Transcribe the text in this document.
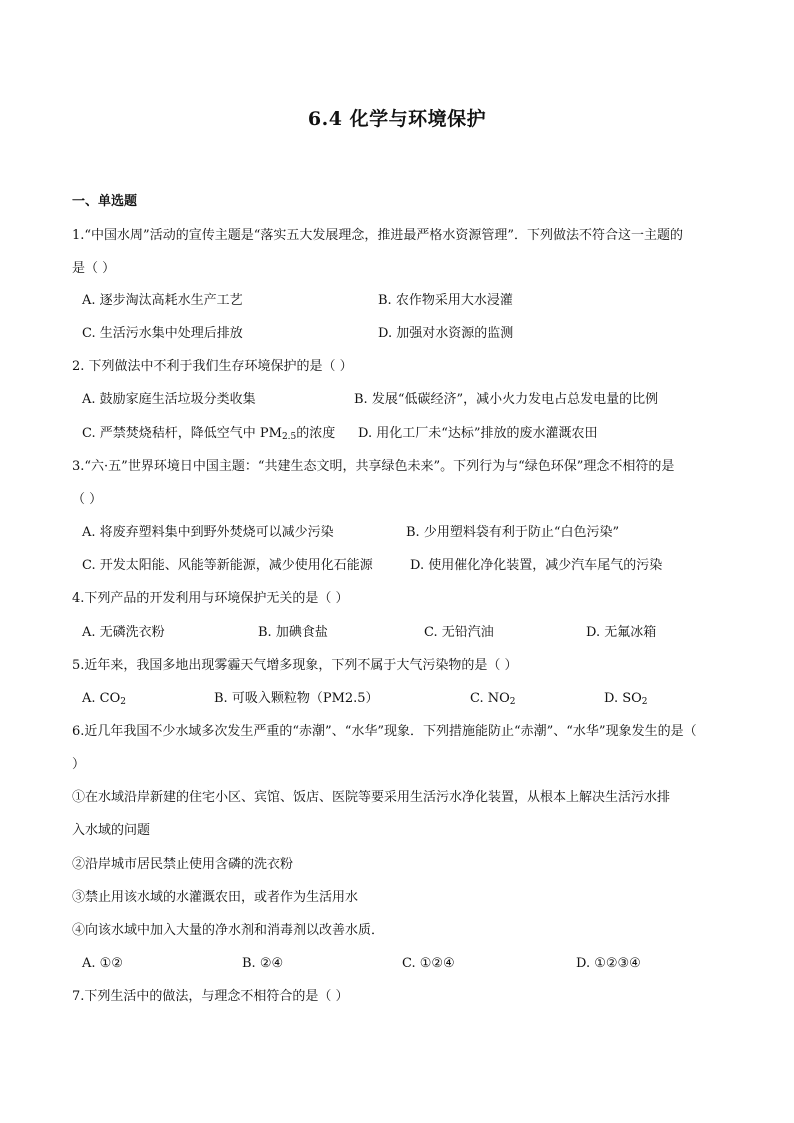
6.4 化学与环境保护
一、单选题
1.“中国水周”活动的宣传主题是“落实五大发展理念，推进最严格水资源管理”．下列做法不符合这一主题的
是（ ）
A. 逐步淘汰高耗水生产工艺	B. 农作物采用大水浸灌
C. 生活污水集中处理后排放	D. 加强对水资源的监测
2. 下列做法中不利于我们生存环境保护的是（ ）
A. 鼓励家庭生活垃圾分类收集	B. 发展“低碳经济”，减小火力发电占总发电量的比例
C. 严禁焚烧秸杆，降低空气中 $PM_{2.5}$的浓度 D. 用化工厂未“达标”排放的废水灌溉农田
3.“六·五”世界环境日中国主题：“共建生态文明，共享绿色未来”。下列行为与“绿色环保”理念不相符的是
（ ）
A. 将废弃塑料集中到野外焚烧可以减少污染	B. 少用塑料袋有利于防止“白色污染”
C. 开发太阳能、风能等新能源，减少使用化石能源	D. 使用催化净化装置，减少汽车尾气的污染
4.下列产品的开发利用与环境保护无关的是（ ）
A. 无磷洗衣粉	B. 加碘食盐	C. 无铅汽油	D. 无氟冰箱
5.近年来，我国多地出现雾霾天气增多现象，下列不属于大气污染物的是（ ）
A. $CO_2$	B. 可吸入颗粒物（PM2.5）	C. $NO_2$	D. $SO_2$
6.近几年我国不少水域多次发生严重的“赤潮”、“水华”现象．下列措施能防止“赤潮”、“水华”现象发生的是（
）
①在水域沿岸新建的住宅小区、宾馆、饭店、医院等要采用生活污水净化装置，从根本上解决生活污水排
入水域的问题
②沿岸城市居民禁止使用含磷的洗衣粉
③禁止用该水域的水灌溉农田，或者作为生活用水
④向该水域中加入大量的净水剂和消毒剂以改善水质．
A. ①②	B. ②④	C. ①②④	D. ①②③④
7.下列生活中的做法，与理念不相符合的是（ ）
